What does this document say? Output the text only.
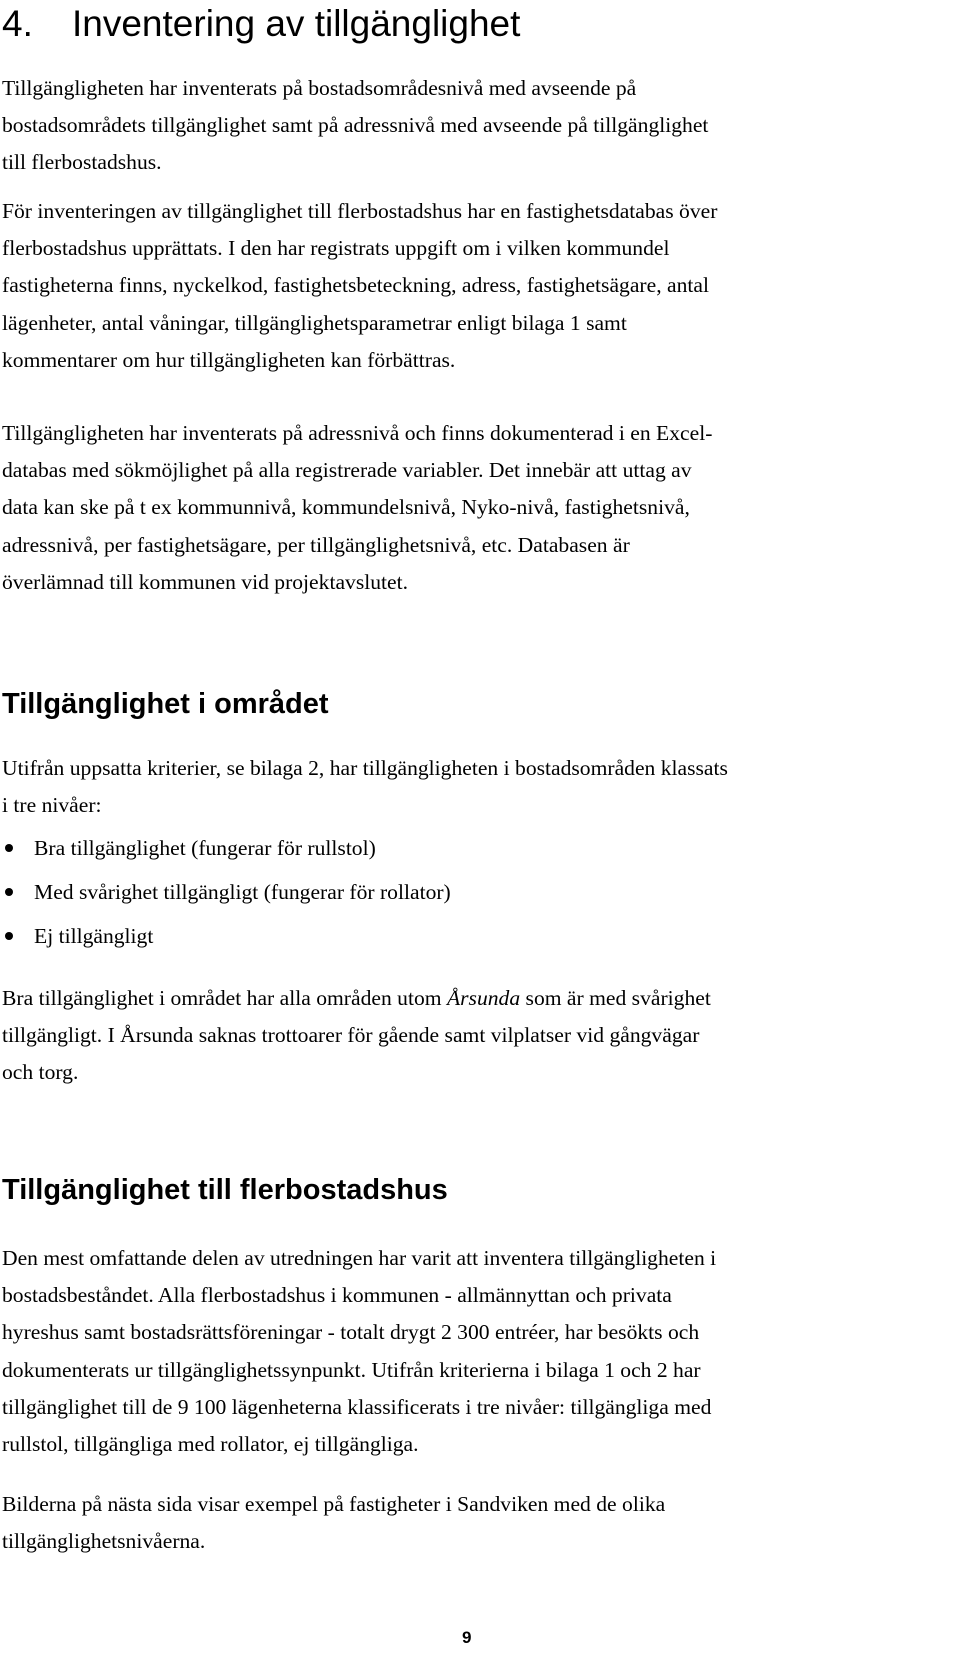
4. Inventering av tillgänglighet

Tillgängligheten har inventerats på bostadsområdesnivå med avseende på
bostadsområdets tillgänglighet samt på adressnivå med avseende på tillgänglighet
till flerbostadshus.

För inventeringen av tillgänglighet till flerbostadshus har en fastighetsdatabas över
flerbostadshus upprättats. I den har registrats uppgift om i vilken kommundel
fastigheterna finns, nyckelkod, fastighetsbeteckning, adress, fastighetsägare, antal
lägenheter, antal våningar, tillgänglighetsparametrar enligt bilaga 1 samt
kommentarer om hur tillgängligheten kan förbättras.

Tillgängligheten har inventerats på adressnivå och finns dokumenterad i en Excel-
databas med sökmöjlighet på alla registrerade variabler. Det innebär att uttag av
data kan ske på t ex kommunnivå, kommundelsnivå, Nyko-nivå, fastighetsnivå,
adressnivå, per fastighetsägare, per tillgänglighetsnivå, etc. Databasen är
överlämnad till kommunen vid projektavslutet.

Tillgänglighet i området

Utifrån uppsatta kriterier, se bilaga 2, har tillgängligheten i bostadsområden klassats
i tre nivåer:

Bra tillgänglighet (fungerar för rullstol)
Med svårighet tillgängligt (fungerar för rollator)
Ej tillgängligt

Bra tillgänglighet i området har alla områden utom Årsunda som är med svårighet
tillgängligt. I Årsunda saknas trottoarer för gående samt vilplatser vid gångvägar
och torg.

Tillgänglighet till flerbostadshus

Den mest omfattande delen av utredningen har varit att inventera tillgängligheten i
bostadsbeståndet. Alla flerbostadshus i kommunen - allmännyttan och privata
hyreshus samt bostadsrättsföreningar - totalt drygt 2 300 entréer, har besökts och
dokumenterats ur tillgänglighetssynpunkt. Utifrån kriterierna i bilaga 1 och 2 har
tillgänglighet till de 9 100 lägenheterna klassificerats i tre nivåer: tillgängliga med
rullstol, tillgängliga med rollator, ej tillgängliga.

Bilderna på nästa sida visar exempel på fastigheter i Sandviken med de olika
tillgänglighetsnivåerna.

9
